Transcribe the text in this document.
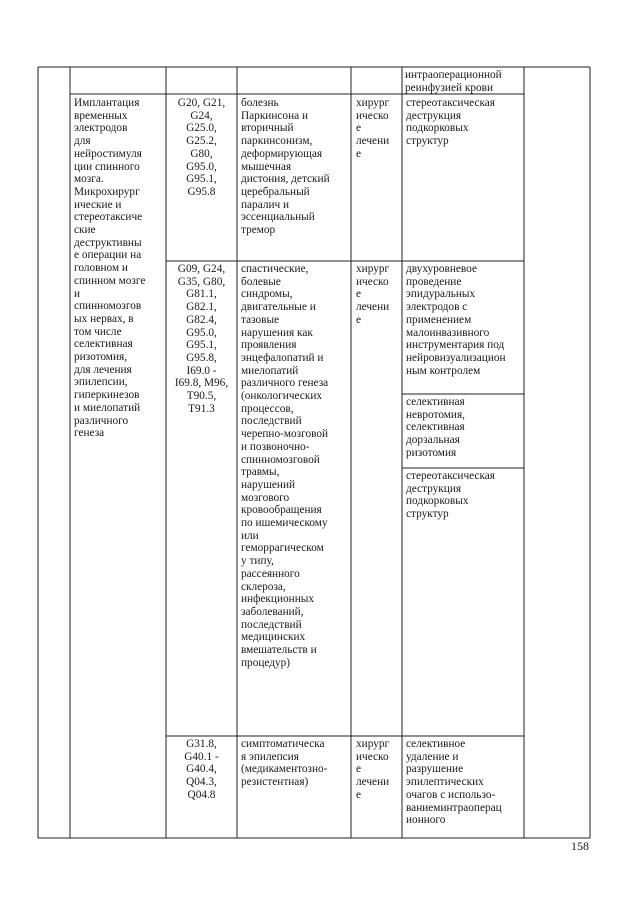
интраоперационной
реинфузией крови
Имплантация
временных
электродов
для
нейростимуля
ции спинного
мозга.
Микрохирург
ические и
стереотаксиче
ские
деструктивны
е операции на
головном и
спинном мозге
и
спинномозгов
ых нервах, в
том числе
селективная
ризотомия,
для лечения
эпилепсии,
гиперкинезов
и миелопатий
различного
генеза
G20, G21,
G24,
G25.0,
G25.2,
G80,
G95.0,
G95.1,
G95.8
болезнь
Паркинсона и
вторичный
паркинсонизм,
деформирующая
мышечная
дистония, детский
церебральный
паралич и
эссенциальный
тремор
хирург
ическо
е
лечени
е
стереотаксическая
деструкция
подкорковых
структур
G09, G24,
G35, G80,
G81.1,
G82.1,
G82.4,
G95.0,
G95.1,
G95.8,
I69.0 -
I69.8, M96,
T90.5,
T91.3
спастические,
болевые
синдромы,
двигательные и
тазовые
нарушения как
проявления
энцефалопатий и
миелопатий
различного генеза
(онкологических
процессов,
последствий
черепно-мозговой
и позвоночно-
спинномозговой
травмы,
нарушений
мозгового
кровообращения
по ишемическому
или
геморрагическом
у типу,
рассеянного
склероза,
инфекционных
заболеваний,
последствий
медицинских
вмешательств и
процедур)
хирург
ическо
е
лечени
е
двухуровневое
проведение
эпидуральных
электродов с
применением
малоинвазивного
инструментария под
нейровизуализацион
ным контролем
селективная
невротомия,
селективная
дорзальная
ризотомия
стереотаксическая
деструкция
подкорковых
структур
G31.8,
G40.1 -
G40.4,
Q04.3,
Q04.8
симптоматическа
я эпилепсия
(медикаментозно-
резистентная)
хирург
ическо
е
лечени
е
селективное
удаление и
разрушение
эпилептических
очагов с использо-
ваниеминтраоперац
ионного
158
